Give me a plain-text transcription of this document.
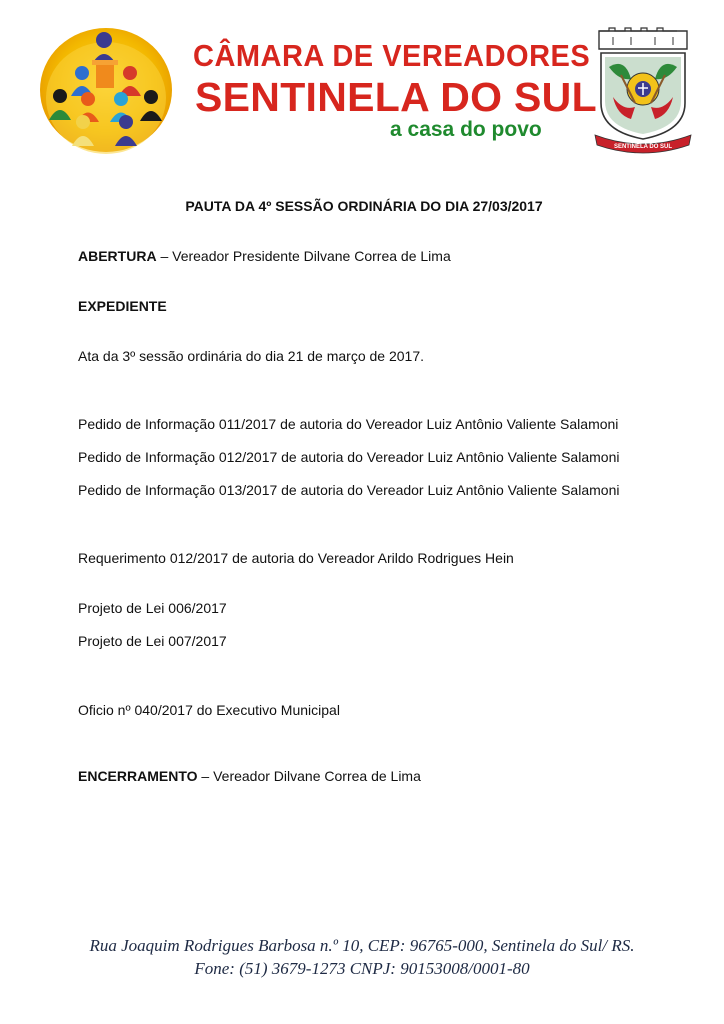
CÂMARA DE VEREADORES
SENTINELA DO SUL
a casa do povo
SENTINELA DO SUL
PAUTA DA 4º SESSÃO ORDINÁRIA DO DIA 27/03/2017
ABERTURA – Vereador Presidente Dilvane Correa de Lima
EXPEDIENTE
Ata da 3º sessão ordinária do dia 21 de março de 2017.
Pedido de Informação 011/2017 de autoria do Vereador Luiz Antônio Valiente Salamoni
Pedido de Informação 012/2017 de autoria do Vereador Luiz Antônio Valiente Salamoni
Pedido de Informação 013/2017 de autoria do Vereador Luiz Antônio Valiente Salamoni
Requerimento 012/2017 de autoria do Vereador Arildo Rodrigues Hein
Projeto de Lei 006/2017
Projeto de Lei 007/2017
Oficio nº 040/2017 do Executivo Municipal
ENCERRAMENTO – Vereador Dilvane Correa de Lima
Rua Joaquim Rodrigues Barbosa n.º 10, CEP: 96765-000, Sentinela do Sul/ RS.
Fone: (51) 3679-1273 CNPJ: 90153008/0001-80
